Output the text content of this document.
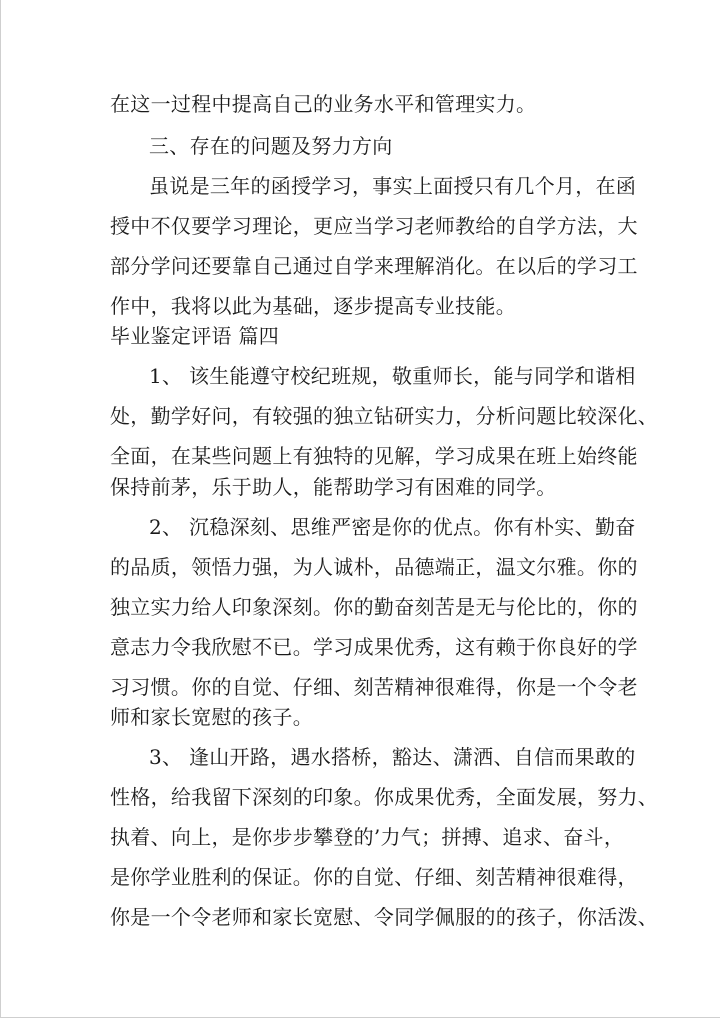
在这一过程中提高自己的业务水平和管理实力。
三、存在的问题及努力方向
虽说是三年的函授学习，事实上面授只有几个月，在函
授中不仅要学习理论，更应当学习老师教给的自学方法，大
部分学问还要靠自己通过自学来理解消化。在以后的学习工
作中，我将以此为基础，逐步提高专业技能。
毕业鉴定评语 篇四
1、 该生能遵守校纪班规，敬重师长，能与同学和谐相
处，勤学好问，有较强的独立钻研实力，分析问题比较深化、
全面，在某些问题上有独特的见解，学习成果在班上始终能
保持前茅，乐于助人，能帮助学习有困难的同学。
2、 沉稳深刻、思维严密是你的优点。你有朴实、勤奋
的品质，领悟力强，为人诚朴，品德端正，温文尔雅。你的
独立实力给人印象深刻。你的勤奋刻苦是无与伦比的，你的
意志力令我欣慰不已。学习成果优秀，这有赖于你良好的学
习习惯。你的自觉、仔细、刻苦精神很难得，你是一个令老
师和家长宽慰的孩子。
3、 逢山开路，遇水搭桥，豁达、潇洒、自信而果敢的
性格，给我留下深刻的印象。你成果优秀，全面发展，努力、
执着、向上，是你步步攀登的’力气；拼搏、追求、奋斗，
是你学业胜利的保证。你的自觉、仔细、刻苦精神很难得，
你是一个令老师和家长宽慰、令同学佩服的的孩子，你活泼、
